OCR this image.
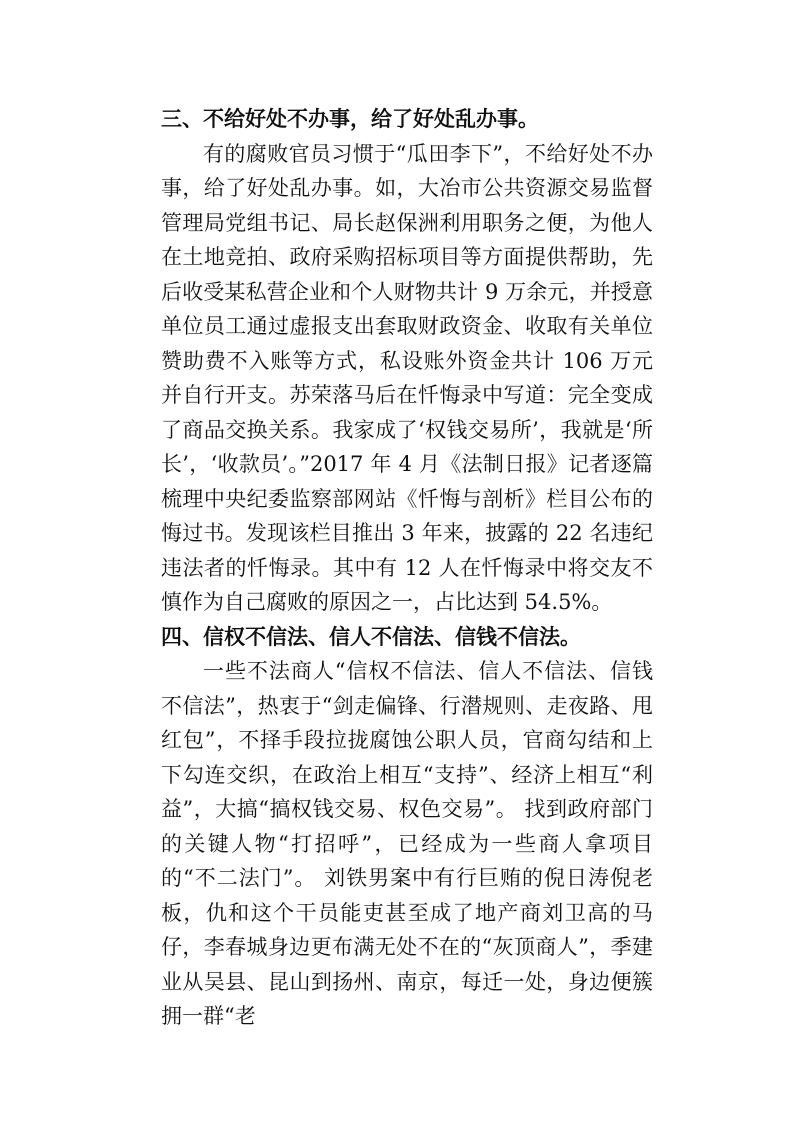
三、不给好处不办事，给了好处乱办事。

有的腐败官员习惯于“瓜田李下”，不给好处不办事，给了好处乱办事。如，大冶市公共资源交易监督管理局党组书记、局长赵保洲利用职务之便，为他人在土地竞拍、政府采购招标项目等方面提供帮助，先后收受某私营企业和个人财物共计 9 万余元，并授意单位员工通过虚报支出套取财政资金、收取有关单位赞助费不入账等方式，私设账外资金共计 106 万元并自行开支。苏荣落马后在忏悔录中写道：完全变成了商品交换关系。我家成了‘权钱交易所’，我就是‘所长’，‘收款员’。”2017 年 4 月《法制日报》记者逐篇梳理中央纪委监察部网站《忏悔与剖析》栏目公布的悔过书。发现该栏目推出 3 年来，披露的 22 名违纪违法者的忏悔录。其中有 12 人在忏悔录中将交友不慎作为自己腐败的原因之一，占比达到 54.5%。

四、信权不信法、信人不信法、信钱不信法。

一些不法商人“信权不信法、信人不信法、信钱不信法”，热衷于“剑走偏锋、行潜规则、走夜路、甩红包”，不择手段拉拢腐蚀公职人员，官商勾结和上下勾连交织，在政治上相互“支持”、经济上相互“利益”，大搞“搞权钱交易、权色交易”。 找到政府部门的关键人物“打招呼”，已经成为一些商人拿项目的“不二法门”。 刘铁男案中有行巨贿的倪日涛倪老板，仇和这个干员能吏甚至成了地产商刘卫高的马仔，李春城身边更布满无处不在的“灰顶商人”，季建业从吴县、昆山到扬州、南京，每迁一处，身边便簇拥一群“老
